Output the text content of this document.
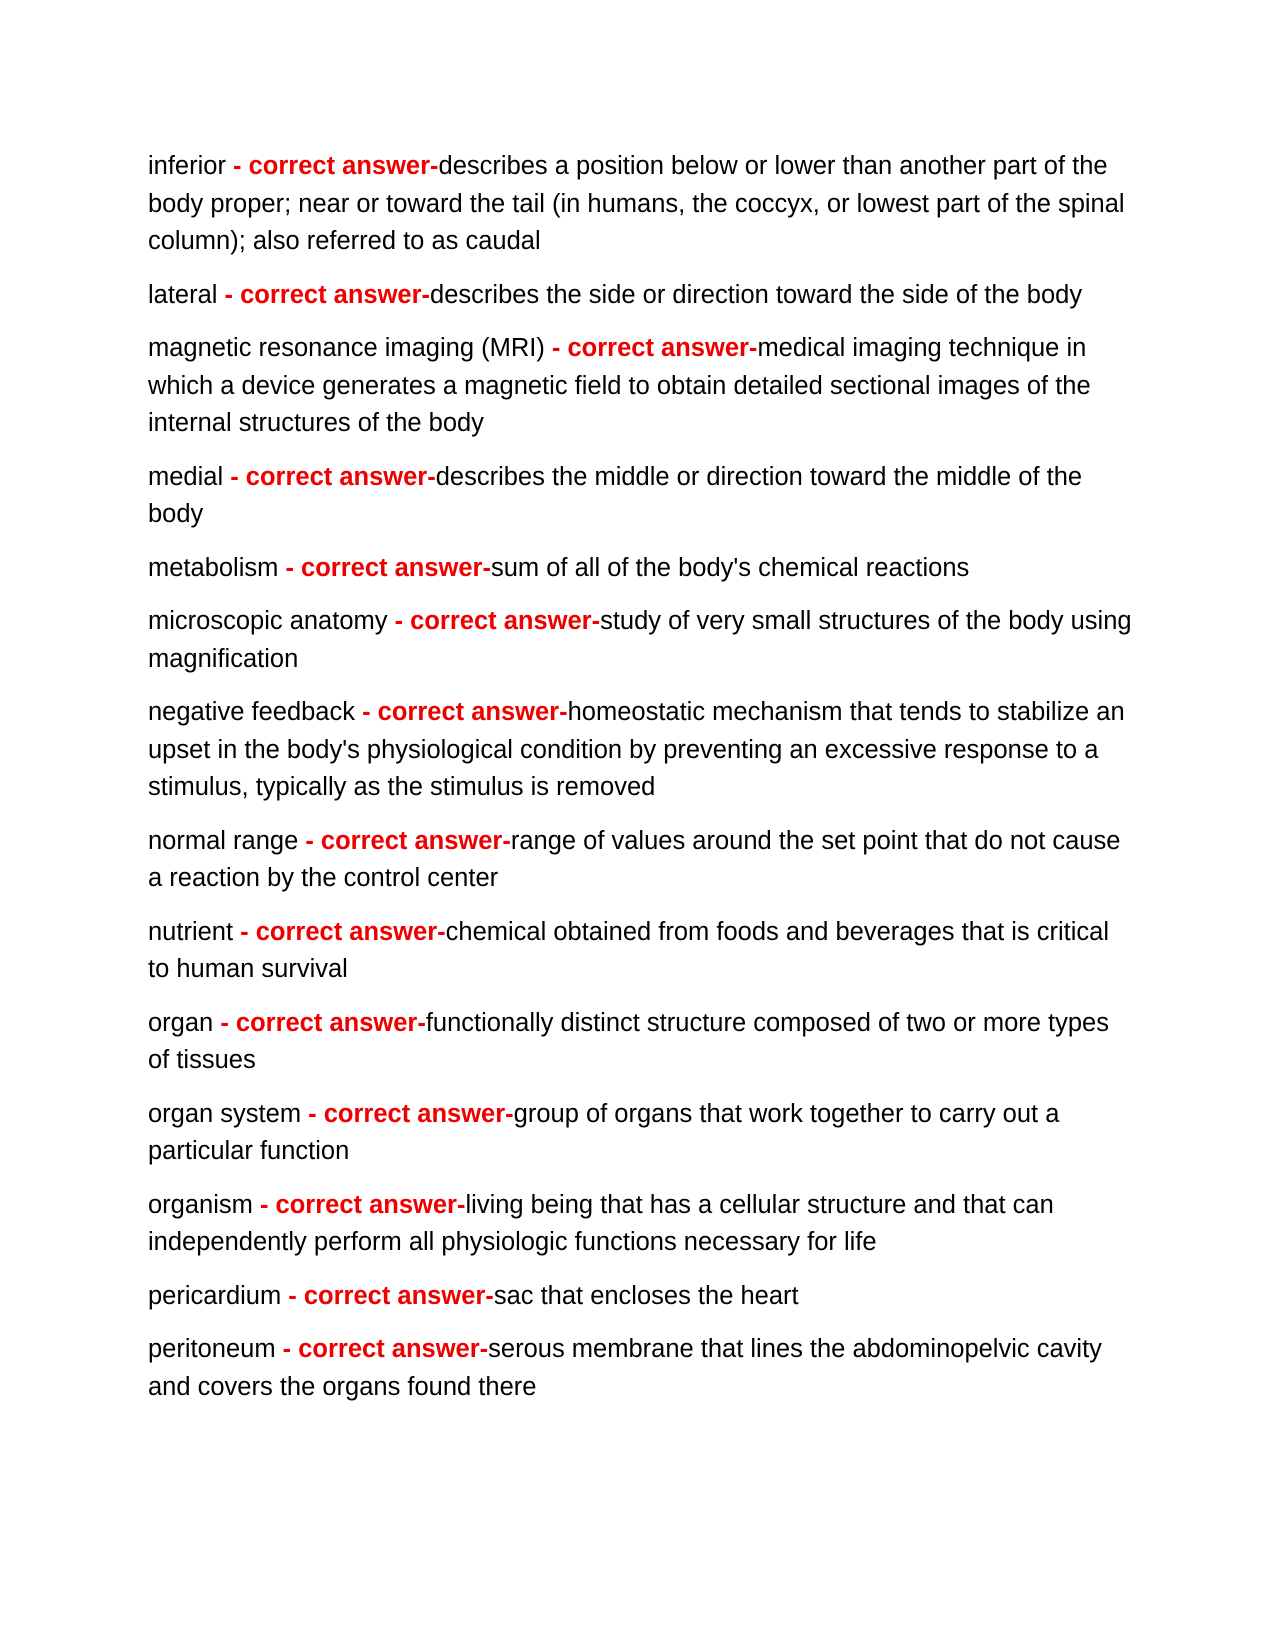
inferior - correct answer-describes a position below or lower than another part of the body proper; near or toward the tail (in humans, the coccyx, or lowest part of the spinal column); also referred to as caudal

lateral - correct answer-describes the side or direction toward the side of the body

magnetic resonance imaging (MRI) - correct answer-medical imaging technique in which a device generates a magnetic field to obtain detailed sectional images of the internal structures of the body

medial - correct answer-describes the middle or direction toward the middle of the body

metabolism - correct answer-sum of all of the body's chemical reactions

microscopic anatomy - correct answer-study of very small structures of the body using magnification

negative feedback - correct answer-homeostatic mechanism that tends to stabilize an upset in the body's physiological condition by preventing an excessive response to a stimulus, typically as the stimulus is removed

normal range - correct answer-range of values around the set point that do not cause a reaction by the control center

nutrient - correct answer-chemical obtained from foods and beverages that is critical to human survival

organ - correct answer-functionally distinct structure composed of two or more types of tissues

organ system - correct answer-group of organs that work together to carry out a particular function

organism - correct answer-living being that has a cellular structure and that can independently perform all physiologic functions necessary for life

pericardium - correct answer-sac that encloses the heart

peritoneum - correct answer-serous membrane that lines the abdominopelvic cavity and covers the organs found there
